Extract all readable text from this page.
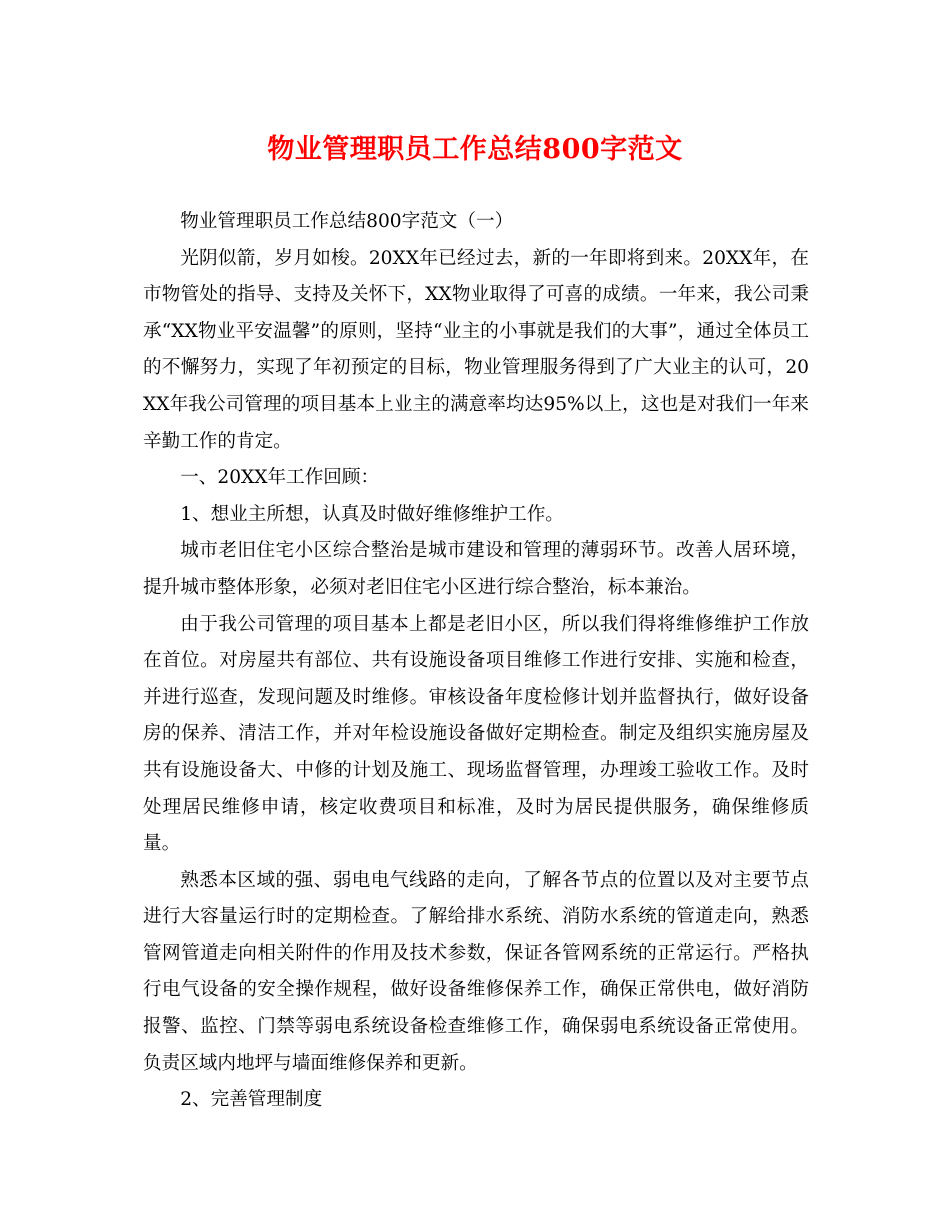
物业管理职员工作总结800字范文

物业管理职员工作总结800字范文（一）

光阴似箭，岁月如梭。20XX年已经过去，新的一年即将到来。20XX年，在市物管处的指导、支持及关怀下，XX物业取得了可喜的成绩。一年来，我公司秉承“XX物业平安温馨”的原则，坚持“业主的小事就是我们的大事”，通过全体员工的不懈努力，实现了年初预定的目标，物业管理服务得到了广大业主的认可，20XX年我公司管理的项目基本上业主的满意率均达95%以上，这也是对我们一年来辛勤工作的肯定。

一、20XX年工作回顾：

1、想业主所想，认真及时做好维修维护工作。

城市老旧住宅小区综合整治是城市建设和管理的薄弱环节。改善人居环境，提升城市整体形象，必须对老旧住宅小区进行综合整治，标本兼治。

由于我公司管理的项目基本上都是老旧小区，所以我们得将维修维护工作放在首位。对房屋共有部位、共有设施设备项目维修工作进行安排、实施和检查，并进行巡查，发现问题及时维修。审核设备年度检修计划并监督执行，做好设备房的保养、清洁工作，并对年检设施设备做好定期检查。制定及组织实施房屋及共有设施设备大、中修的计划及施工、现场监督管理，办理竣工验收工作。及时处理居民维修申请，核定收费项目和标准，及时为居民提供服务，确保维修质量。

熟悉本区域的强、弱电电气线路的走向，了解各节点的位置以及对主要节点进行大容量运行时的定期检查。了解给排水系统、消防水系统的管道走向，熟悉管网管道走向相关附件的作用及技术参数，保证各管网系统的正常运行。严格执行电气设备的安全操作规程，做好设备维修保养工作，确保正常供电，做好消防报警、监控、门禁等弱电系统设备检查维修工作，确保弱电系统设备正常使用。负责区域内地坪与墙面维修保养和更新。

2、完善管理制度
